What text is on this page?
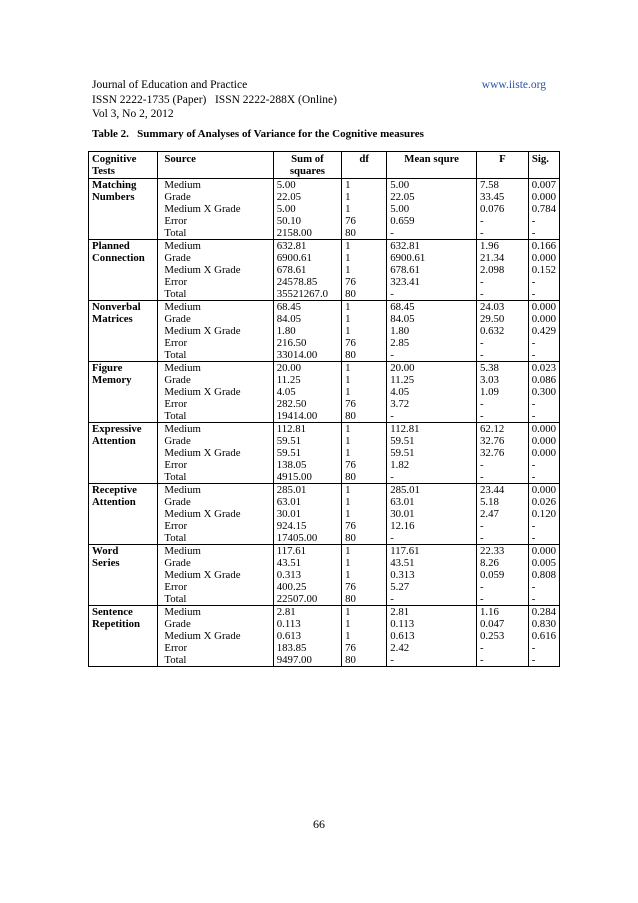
Journal of Education and Practice	www.iiste.org
ISSN 2222-1735 (Paper)   ISSN 2222-288X (Online)
Vol 3, No 2, 2012
Table 2.   Summary of Analyses of Variance for the Cognitive measures
Cognitive Tests	Source	Sum of squares	df	Mean squre	F	Sig.
Matching Numbers	Medium	5.00	1	5.00	7.58	0.007
	Grade	22.05	1	22.05	33.45	0.000
	Medium X Grade	5.00	1	5.00	0.076	0.784
	Error	50.10	76	0.659	-	-
	Total	2158.00	80	-	-	-
Planned Connection	Medium	632.81	1	632.81	1.96	0.166
	Grade	6900.61	1	6900.61	21.34	0.000
	Medium X Grade	678.61	1	678.61	2.098	0.152
	Error	24578.85	76	323.41	-	-
	Total	35521267.0	80	-	-	-
Nonverbal Matrices	Medium	68.45	1	68.45	24.03	0.000
	Grade	84.05	1	84.05	29.50	0.000
	Medium X Grade	1.80	1	1.80	0.632	0.429
	Error	216.50	76	2.85	-	-
	Total	33014.00	80	-	-	-
Figure Memory	Medium	20.00	1	20.00	5.38	0.023
	Grade	11.25	1	11.25	3.03	0.086
	Medium X Grade	4.05	1	4.05	1.09	0.300
	Error	282.50	76	3.72	-	-
	Total	19414.00	80	-	-	-
Expressive Attention	Medium	112.81	1	112.81	62.12	0.000
	Grade	59.51	1	59.51	32.76	0.000
	Medium X Grade	59.51	1	59.51	32.76	0.000
	Error	138.05	76	1.82	-	-
	Total	4915.00	80	-	-	-
Receptive Attention	Medium	285.01	1	285.01	23.44	0.000
	Grade	63.01	1	63.01	5.18	0.026
	Medium X Grade	30.01	1	30.01	2.47	0.120
	Error	924.15	76	12.16	-	-
	Total	17405.00	80	-	-	-
Word Series	Medium	117.61	1	117.61	22.33	0.000
	Grade	43.51	1	43.51	8.26	0.005
	Medium X Grade	0.313	1	0.313	0.059	0.808
	Error	400.25	76	5.27	-	-
	Total	22507.00	80	-	-	-
Sentence Repetition	Medium	2.81	1	2.81	1.16	0.284
	Grade	0.113	1	0.113	0.047	0.830
	Medium X Grade	0.613	1	0.613	0.253	0.616
	Error	183.85	76	2.42	-	-
	Total	9497.00	80	-	-	-
66
